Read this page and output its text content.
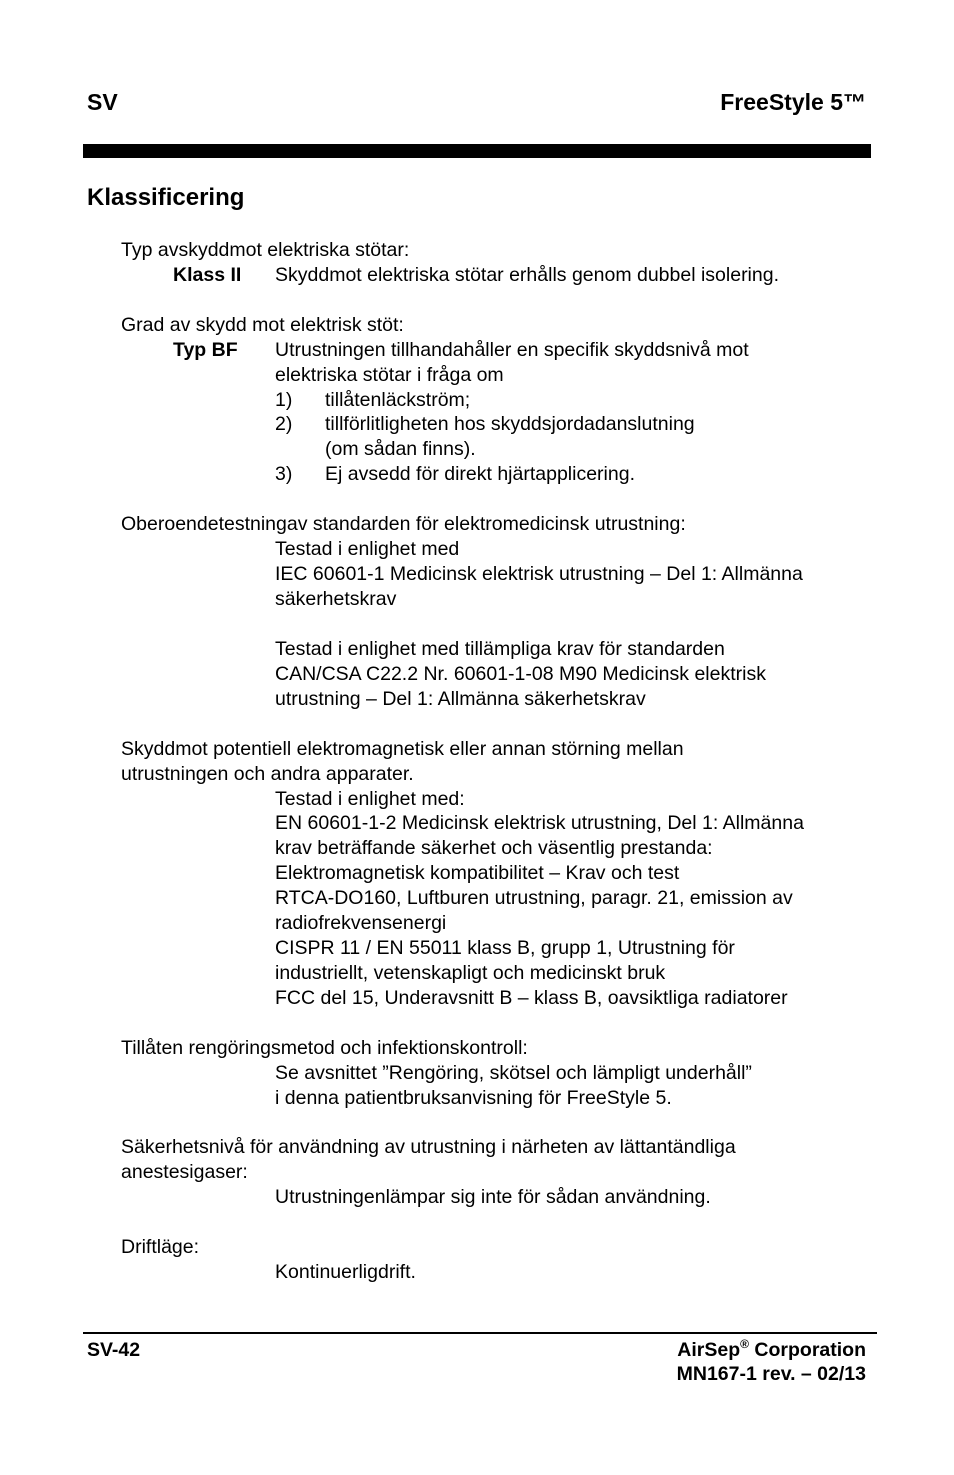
SV	FreeStyle 5™
Klassificering
Typ avskyddmot elektriska stötar:
Klass II Skyddmot elektriska stötar erhålls genom dubbel isolering.
Grad av skydd mot elektrisk stöt:
Typ BF Utrustningen tillhandahåller en specifik skyddsnivå mot
elektriska stötar i fråga om
1) tillåtenläckström;
2) tillförlitligheten hos skyddsjordadanslutning
(om sådan finns).
3) Ej avsedd för direkt hjärtapplicering.
Oberoendetestningav standarden för elektromedicinsk utrustning:
Testad i enlighet med
IEC 60601-1 Medicinsk elektrisk utrustning – Del 1: Allmänna
säkerhetskrav
Testad i enlighet med tillämpliga krav för standarden
CAN/CSA C22.2 Nr. 60601-1-08 M90 Medicinsk elektrisk
utrustning – Del 1: Allmänna säkerhetskrav
Skyddmot potentiell elektromagnetisk eller annan störning mellan
utrustningen och andra apparater.
Testad i enlighet med:
EN 60601-1-2 Medicinsk elektrisk utrustning, Del 1: Allmänna
krav beträffande säkerhet och väsentlig prestanda:
Elektromagnetisk kompatibilitet – Krav och test
RTCA-DO160, Luftburen utrustning, paragr. 21, emission av
radiofrekvensenergi
CISPR 11 / EN 55011 klass B, grupp 1, Utrustning för
industriellt, vetenskapligt och medicinskt bruk
FCC del 15, Underavsnitt B – klass B, oavsiktliga radiatorer
Tillåten rengöringsmetod och infektionskontroll:
Se avsnittet ”Rengöring, skötsel och lämpligt underhåll”
i denna patientbruksanvisning för FreeStyle 5.
Säkerhetsnivå för användning av utrustning i närheten av lättantändliga
anestesigaser:
Utrustningenlämpar sig inte för sådan användning.
Driftläge:
Kontinuerligdrift.
SV-42	AirSep® Corporation
MN167-1 rev. – 02/13
